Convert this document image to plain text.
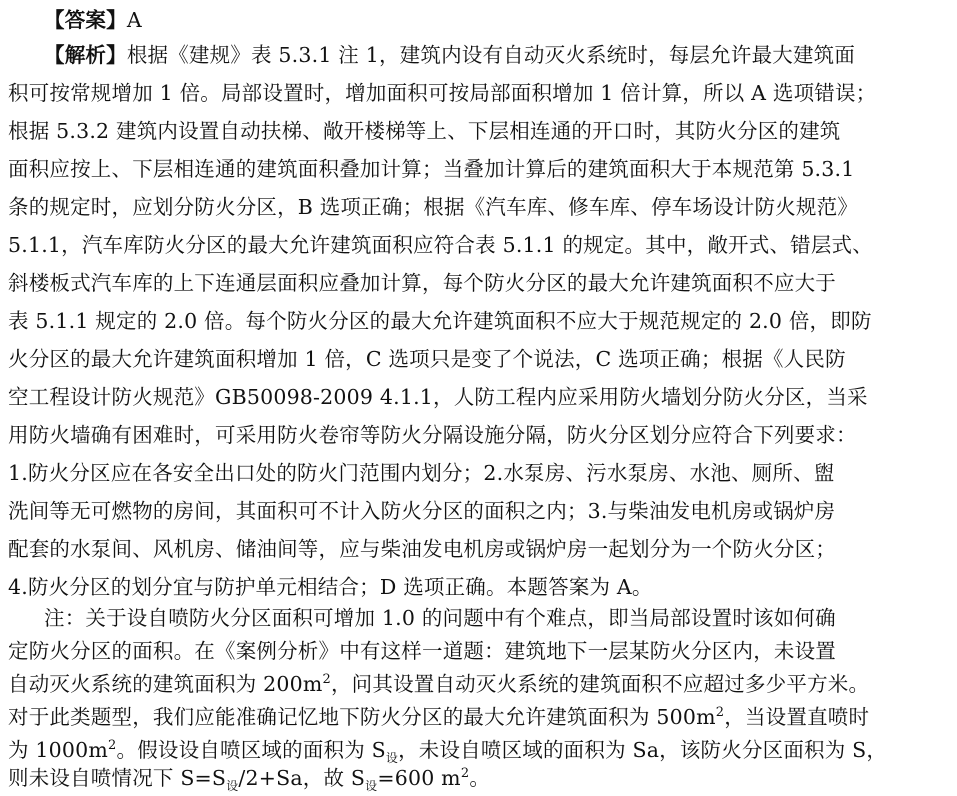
【答案】A
【解析】根据《建规》表 5.3.1 注 1，建筑内设有自动灭火系统时，每层允许最大建筑面
积可按常规增加 1 倍。局部设置时，增加面积可按局部面积增加 1 倍计算，所以 A 选项错误；
根据 5.3.2 建筑内设置自动扶梯、敞开楼梯等上、下层相连通的开口时，其防火分区的建筑
面积应按上、下层相连通的建筑面积叠加计算；当叠加计算后的建筑面积大于本规范第 5.3.1
条的规定时，应划分防火分区，B 选项正确；根据《汽车库、修车库、停车场设计防火规范》
5.1.1，汽车库防火分区的最大允许建筑面积应符合表 5.1.1 的规定。其中，敞开式、错层式、
斜楼板式汽车库的上下连通层面积应叠加计算，每个防火分区的最大允许建筑面积不应大于
表 5.1.1 规定的 2.0 倍。每个防火分区的最大允许建筑面积不应大于规范规定的 2.0 倍，即防
火分区的最大允许建筑面积增加 1 倍，C 选项只是变了个说法，C 选项正确；根据《人民防
空工程设计防火规范》GB50098-2009 4.1.1，人防工程内应采用防火墙划分防火分区，当采
用防火墙确有困难时，可采用防火卷帘等防火分隔设施分隔，防火分区划分应符合下列要求：
1.防火分区应在各安全出口处的防火门范围内划分；2.水泵房、污水泵房、水池、厕所、盥
洗间等无可燃物的房间，其面积可不计入防火分区的面积之内；3.与柴油发电机房或锅炉房
配套的水泵间、风机房、储油间等，应与柴油发电机房或锅炉房一起划分为一个防火分区；
4.防火分区的划分宜与防护单元相结合；D 选项正确。本题答案为 A。
注：关于设自喷防火分区面积可增加 1.0 的问题中有个难点，即当局部设置时该如何确
定防火分区的面积。在《案例分析》中有这样一道题：建筑地下一层某防火分区内，未设置
自动灭火系统的建筑面积为 $200m^2$，问其设置自动灭火系统的建筑面积不应超过多少平方米。
对于此类题型，我们应能准确记忆地下防火分区的最大允许建筑面积为 $500m^2$，当设置直喷时
为 $1000m^2$。假设设自喷区域的面积为 $S_设$，未设自喷区域的面积为 Sa，该防火分区面积为 S，
则未设自喷情况下 $S=S_设/2+Sa$，故 $S_设=600$ $m^2$。
